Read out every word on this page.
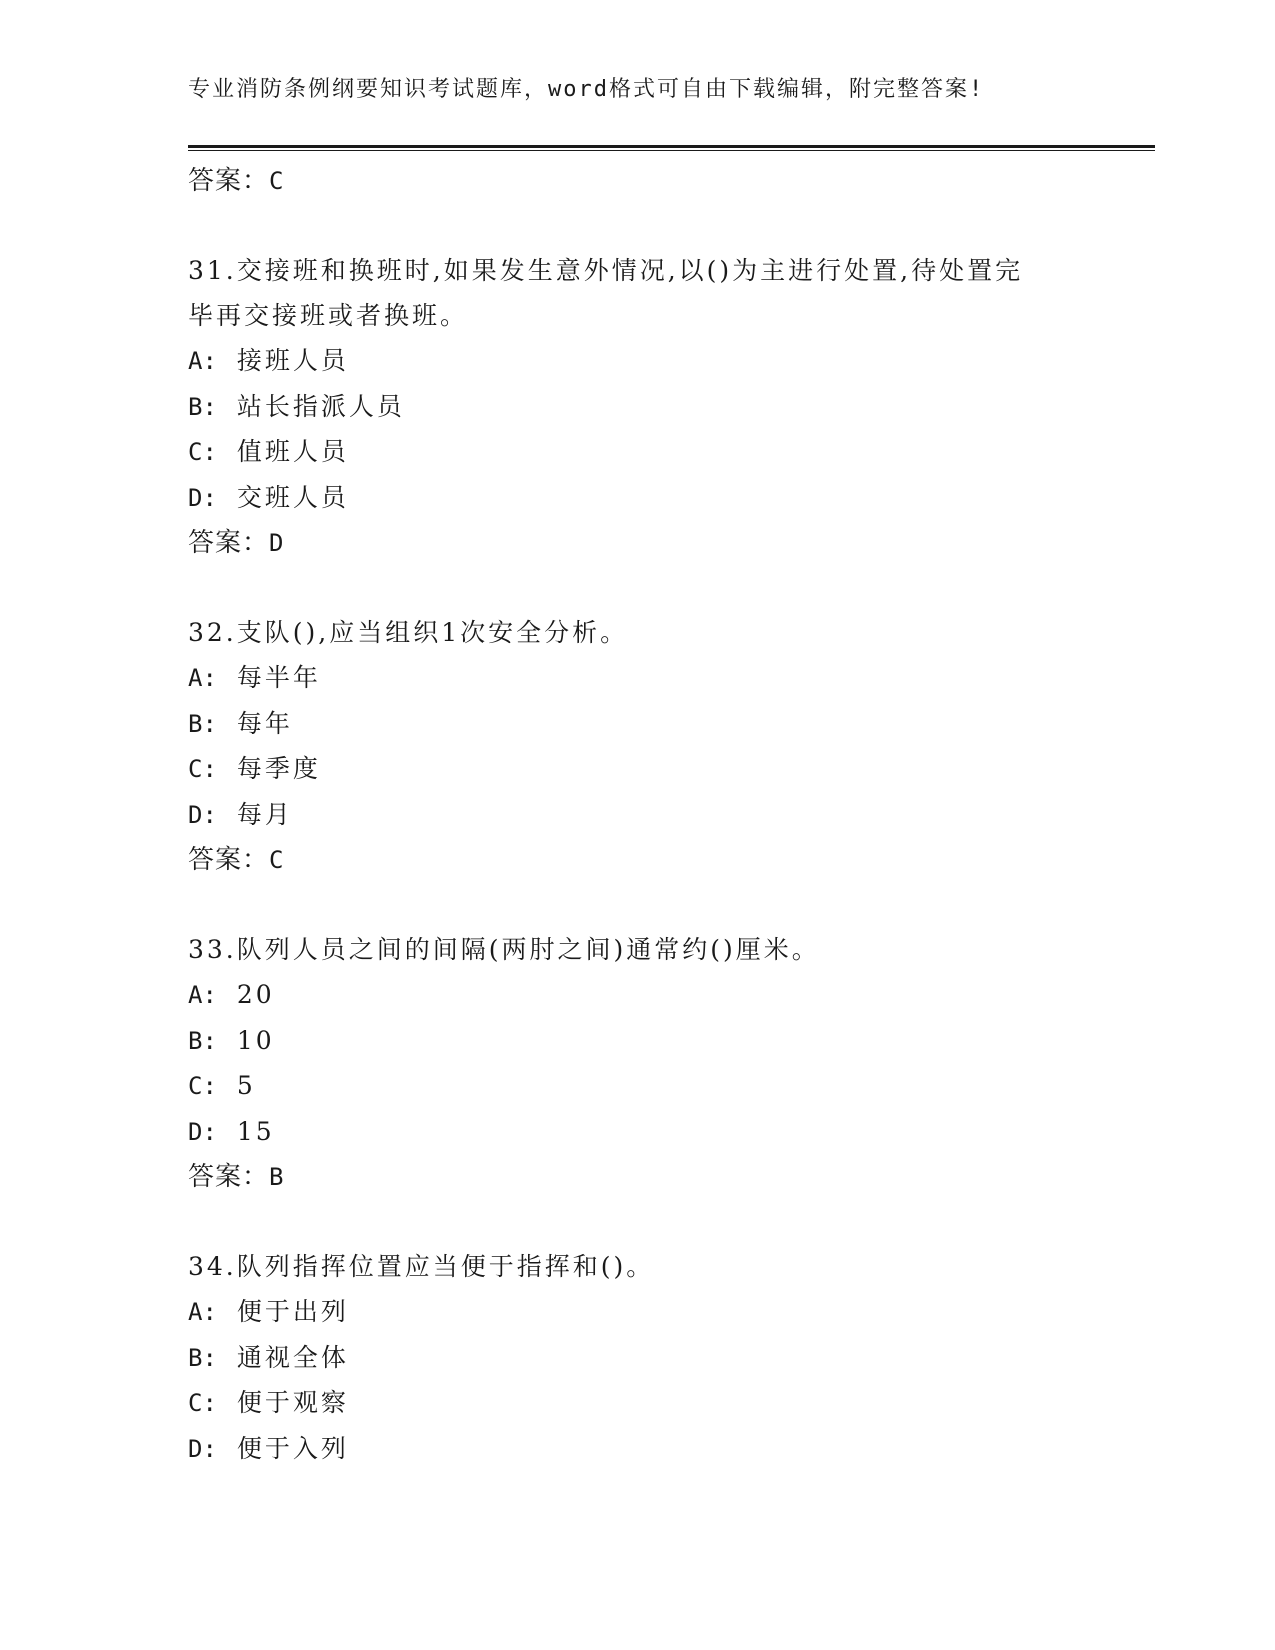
专业消防条例纲要知识考试题库，word格式可自由下载编辑，附完整答案!
答案：C
31.交接班和换班时,如果发生意外情况,以()为主进行处置,待处置完毕再交接班或者换班。
A: 接班人员
B: 站长指派人员
C: 值班人员
D: 交班人员
答案：D
32.支队(),应当组织1次安全分析。
A: 每半年
B: 每年
C: 每季度
D: 每月
答案：C
33.队列人员之间的间隔(两肘之间)通常约()厘米。
A: 20
B: 10
C: 5
D: 15
答案：B
34.队列指挥位置应当便于指挥和()。
A: 便于出列
B: 通视全体
C: 便于观察
D: 便于入列
